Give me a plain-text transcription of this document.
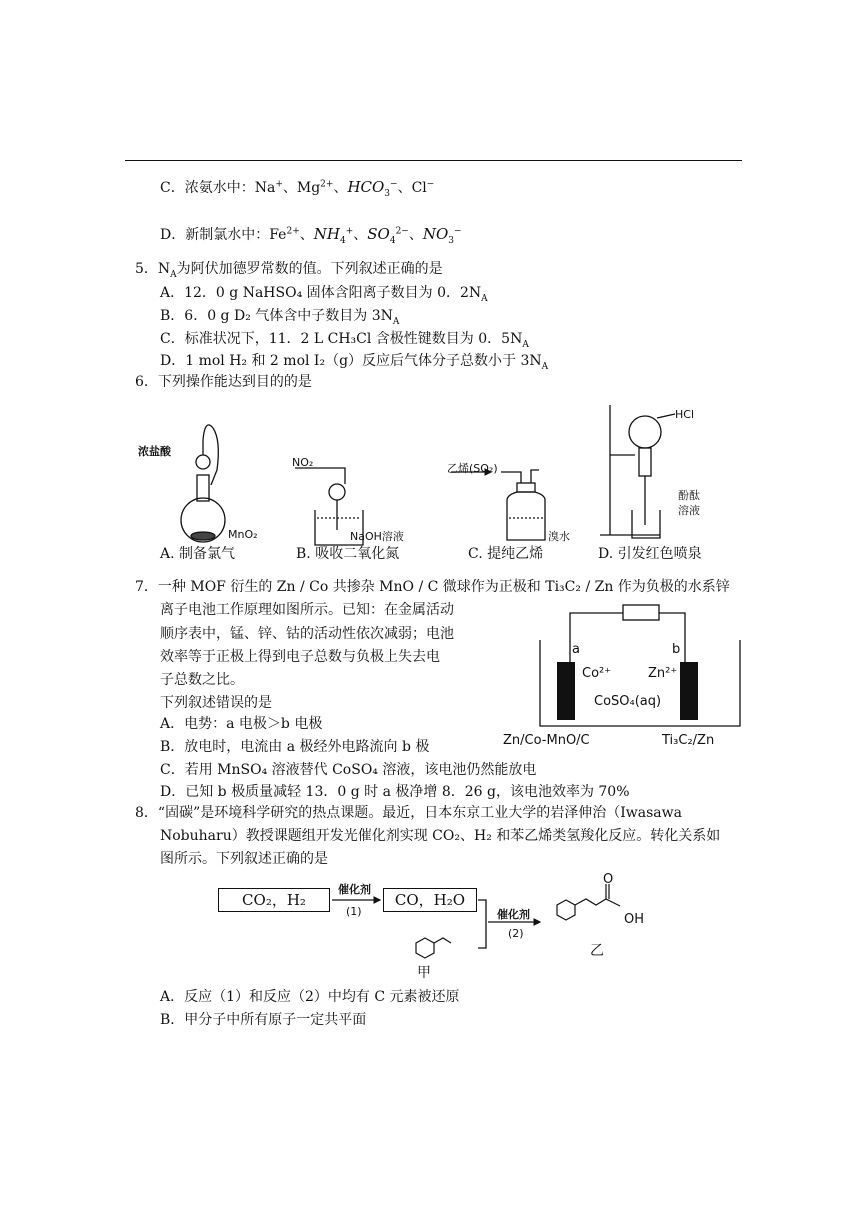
C．浓氨水中：Na+、$Mg^{2+}$、$HCO_3^-$、Cl−
D．新制氯水中：$Fe^{2+}$、$NH_4^+$、$SO_4^{2-}$、$NO_3^-$
5．$N_A$为阿伏加德罗常数的值。下列叙述正确的是
A．12．0 g NaHSO₄ 固体含阳离子数目为 0．$2N_A$
B．6．0 g D₂ 气体含中子数目为 $3N_A$
C．标准状况下，11．2 L CH₃Cl 含极性键数目为 0．$5N_A$
D．1 mol H₂ 和 2 mol I₂（g）反应后气体分子总数小于 $3N_A$
6．下列操作能达到目的的是
浓盐酸
MnO₂
NO₂
NaOH溶液
乙烯(SO₂)
溴水
HCl
酚酞
溶液
A. 制备氯气	B. 吸收二氧化氮	C. 提纯乙烯	D. 引发红色喷泉
7．一种 MOF 衍生的 Zn / Co 共掺杂 MnO / C 微球作为正极和 Ti₃C₂ / Zn 作为负极的水系锌
离子电池工作原理如图所示。已知：在金属活动
顺序表中，锰、锌、钴的活动性依次减弱；电池
效率等于正极上得到电子总数与负极上失去电
子总数之比。
下列叙述错误的是
A．电势：a 电极＞b 电极
B．放电时，电流由 a 极经外电路流向 b 极
C．若用 MnSO₄ 溶液替代 CoSO₄ 溶液，该电池仍然能放电
D．已知 b 极质量减轻 13．0 g 时 a 极净增 8．26 g，该电池效率为 70%
a	b
Co²⁺	Zn²⁺
CoSO₄(aq)
Zn/Co-MnO/C	Ti₃C₂/Zn
8．“固碳”是环境科学研究的热点课题。最近，日本东京工业大学的岩泽伸治（Iwasawa
Nobuharu）教授课题组开发光催化剂实现 CO₂、H₂ 和苯乙烯类氢羧化反应。转化关系如
图所示。下列叙述正确的是
CO₂，H₂	CO，H₂O
催化剂
(1)	催化剂
(2)
O
OH
甲
乙
A．反应（1）和反应（2）中均有 C 元素被还原
B．甲分子中所有原子一定共平面
